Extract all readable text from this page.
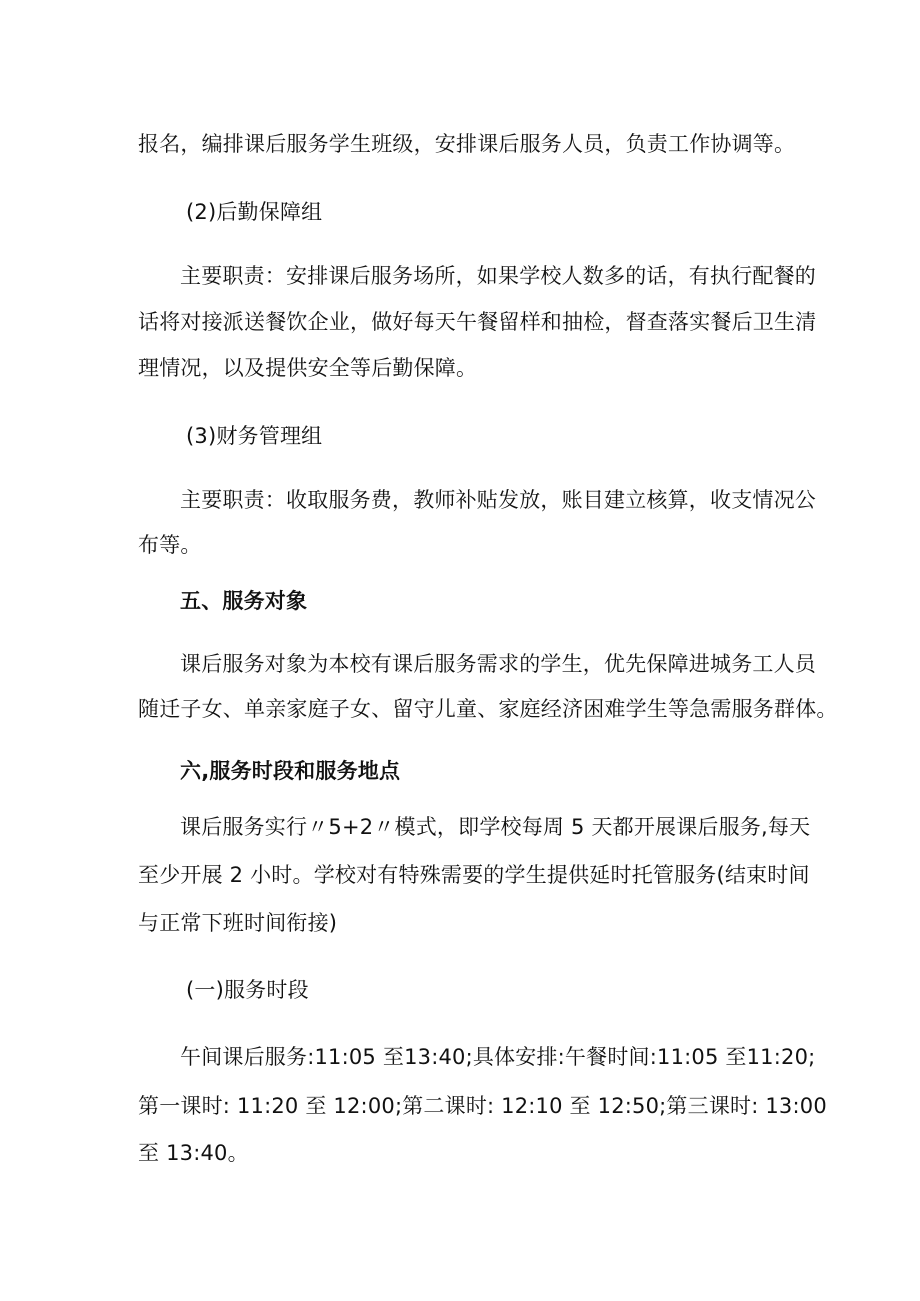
报名，编排课后服务学生班级，安排课后服务人员，负责工作协调等。
(2)后勤保障组
主要职责：安排课后服务场所，如果学校人数多的话，有执行配餐的
话将对接派送餐饮企业，做好每天午餐留样和抽检，督查落实餐后卫生清
理情况，以及提供安全等后勤保障。
(3)财务管理组
主要职责：收取服务费，教师补贴发放，账目建立核算，收支情况公
布等。
五、服务对象
课后服务对象为本校有课后服务需求的学生，优先保障进城务工人员
随迁子女、单亲家庭子女、留守儿童、家庭经济困难学生等急需服务群体。
六,服务时段和服务地点
课后服务实行〃5+2〃模式，即学校每周 5 天都开展课后服务,每天
至少开展 2 小时。学校对有特殊需要的学生提供延时托管服务(结束时间
与正常下班时间衔接)
(一)服务时段
午间课后服务:11:05 至13:40;具体安排:午餐时间:11:05 至11:20;
第一课时: 11:20 至 12:00;第二课时: 12:10 至 12:50;第三课时: 13:00
至 13:40。
